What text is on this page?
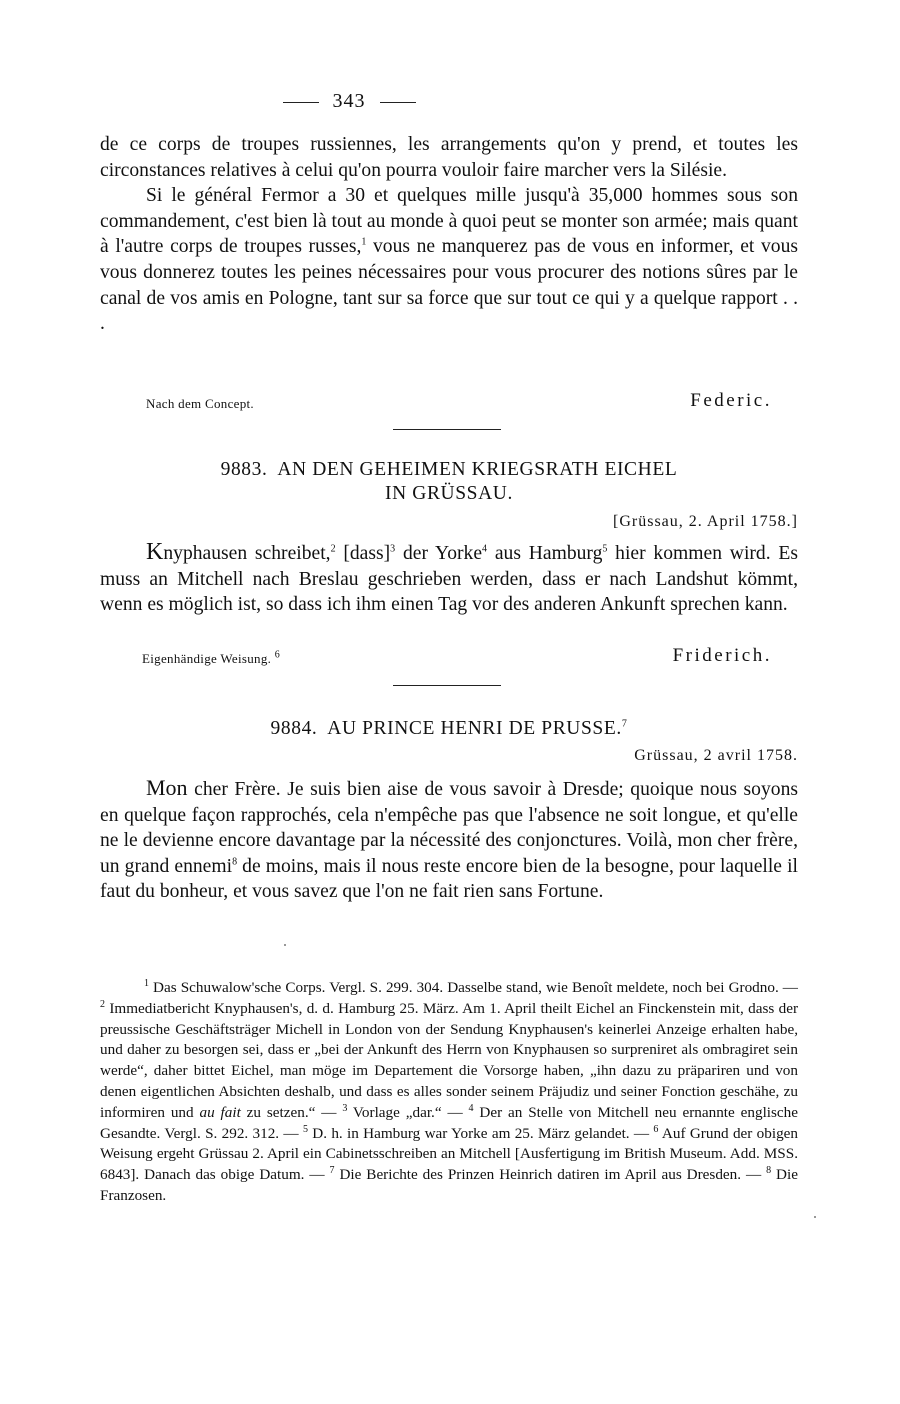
343

de ce corps de troupes russiennes, les arrangements qu'on y prend, et toutes les circonstances relatives à celui qu'on pourra vouloir faire marcher vers la Silésie.

Si le général Fermor a 30 et quelques mille jusqu'à 35,000 hommes sous son commandement, c'est bien là tout au monde à quoi peut se monter son armée; mais quant à l'autre corps de troupes russes,$^1$ vous ne manquerez pas de vous en informer, et vous vous donnerez toutes les peines nécessaires pour vous procurer des notions sûres par le canal de vos amis en Pologne, tant sur sa force que sur tout ce qui y a quelque rapport . . .

Nach dem Concept.	Federic.
9883. AN DEN GEHEIMEN KRIEGSRATH EICHEL
IN GRÜSSAU.
[Grüssau, 2. April 1758.]

Knyphausen schreibet,$^2$ [dass]$^3$ der Yorke$^4$ aus Hamburg$^5$ hier kommen wird. Es muss an Mitchell nach Breslau geschrieben werden, dass er nach Landshut kömmt, wenn es möglich ist, so dass ich ihm einen Tag vor des anderen Ankunft sprechen kann.

Eigenhändige Weisung. $^6$	Friderich.
9884. AU PRINCE HENRI DE PRUSSE.$^7$
Grüssau, 2 avril 1758.

Mon cher Frère. Je suis bien aise de vous savoir à Dresde; quoique nous soyons en quelque façon rapprochés, cela n'empêche pas que l'absence ne soit longue, et qu'elle ne le devienne encore davantage par la nécessité des conjonctures. Voilà, mon cher frère, un grand ennemi$^8$ de moins, mais il nous reste encore bien de la besogne, pour laquelle il faut du bonheur, et vous savez que l'on ne fait rien sans Fortune.

$^1$ Das Schuwalow'sche Corps. Vergl. S. 299. 304. Dasselbe stand, wie Benoît meldete, noch bei Grodno. — $^2$ Immediatbericht Knyphausen's, d. d. Hamburg 25. März. Am 1. April theilt Eichel an Finckenstein mit, dass der preussische Geschäftsträger Michell in London von der Sendung Knyphausen's keinerlei Anzeige erhalten habe, und daher zu besorgen sei, dass er „bei der Ankunft des Herrn von Knyphausen so surpreniret als ombragiret sein werde“, daher bittet Eichel, man möge im Departement die Vorsorge haben, „ihn dazu zu präpariren und von denen eigentlichen Absichten deshalb, und dass es alles sonder seinem Präjudiz und seiner Fonction geschähe, zu informiren und au fait zu setzen.“ — $^3$ Vorlage „dar.“ — $^4$ Der an Stelle von Mitchell neu ernannte englische Gesandte. Vergl. S. 292. 312. — $^5$ D. h. in Hamburg war Yorke am 25. März gelandet. — $^6$ Auf Grund der obigen Weisung ergeht Grüssau 2. April ein Cabinetsschreiben an Mitchell [Ausfertigung im British Museum. Add. MSS. 6843]. Danach das obige Datum. — $^7$ Die Berichte des Prinzen Heinrich datiren im April aus Dresden. — $^8$ Die Franzosen.
